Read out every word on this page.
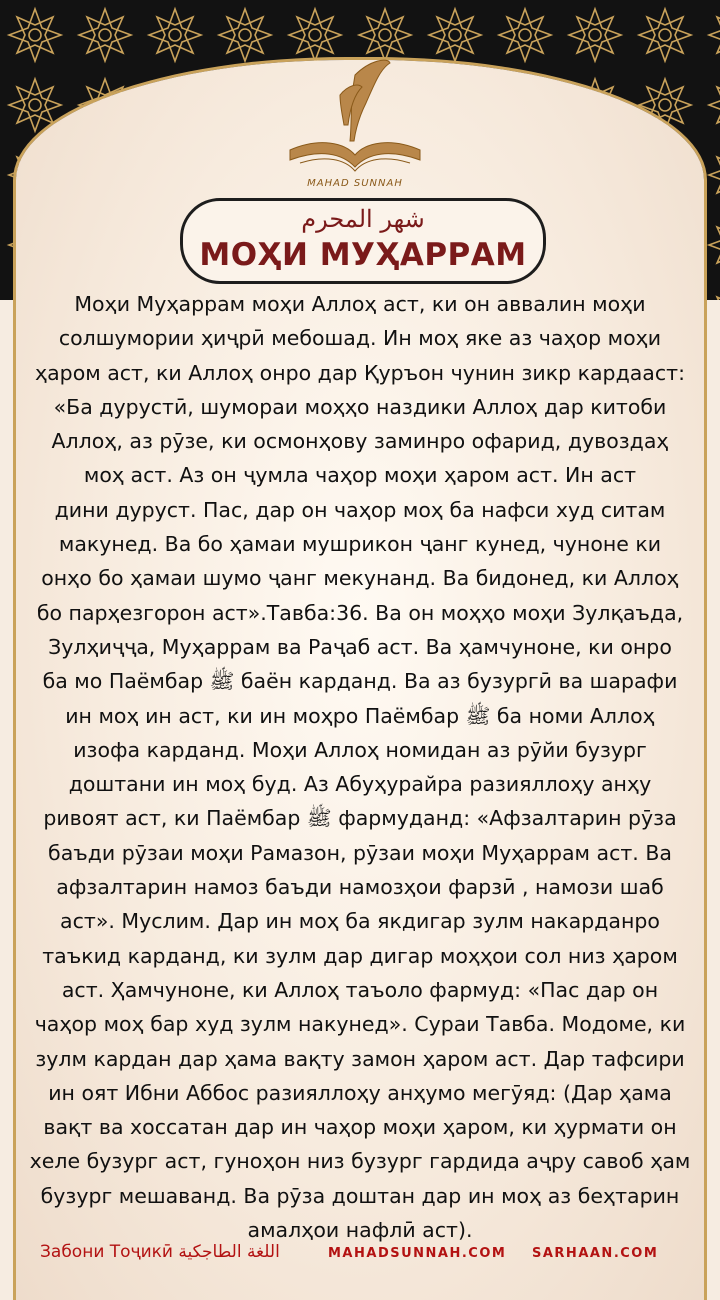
MAHAD SUNNAH
شهر المحرم
МОҲИ МУҲАРРАМ
Моҳи Муҳаррам моҳи Аллоҳ аст, ки он аввалин моҳи
солшумории ҳиҷрӣ мебошад. Ин моҳ яке аз чаҳор моҳи
ҳаром аст, ки Аллоҳ онро дар Қуръон чунин зикр кардааст:
«Ба дурустӣ, шумораи моҳҳо наздики Аллоҳ дар китоби
Аллоҳ, аз рӯзе, ки осмонҳову заминро офарид, дувоздаҳ
моҳ аст. Аз он ҷумла чаҳор моҳи ҳаром аст. Ин аст
дини дуруст. Пас, дар он чаҳор моҳ ба нафси худ ситам
макунед. Ва бо ҳамаи мушрикон ҷанг кунед, чуноне ки
онҳо бо ҳамаи шумо ҷанг мекунанд. Ва бидонед, ки Аллоҳ
бо парҳезгорон аст».Тавба:36. Ва он моҳҳо моҳи Зулқаъда,
Зулҳиҷҷа, Муҳаррам ва Раҷаб аст. Ва ҳамчуноне, ки онро
ба мо Паёмбар ﷺ баён карданд. Ва аз бузургӣ ва шарафи
ин моҳ ин аст, ки ин моҳро Паёмбар ﷺ ба номи Аллоҳ
изофа карданд. Моҳи Аллоҳ номидан аз рӯйи бузург
доштани ин моҳ буд. Аз Абуҳурайра разияллоҳу анҳу
ривоят аст, ки Паёмбар ﷺ фармуданд: «Афзалтарин рӯза
баъди рӯзаи моҳи Рамазон, рӯзаи моҳи Муҳаррам аст. Ва
афзалтарин намоз баъди намозҳои фарзӣ , намози шаб
аст». Муслим. Дар ин моҳ ба якдигар зулм накарданро
таъкид карданд, ки зулм дар дигар моҳҳои сол низ ҳаром
аст. Ҳамчуноне, ки Аллоҳ таъоло фармуд: «Пас дар он
чаҳор моҳ бар худ зулм накунед». Сураи Тавба. Модоме, ки
зулм кардан дар ҳама вақту замон ҳаром аст. Дар тафсири
ин оят Ибни Аббос разияллоҳу анҳумо мегӯяд: (Дар ҳама
вақт ва хоссатан дар ин чаҳор моҳи ҳаром, ки ҳурмати он
хеле бузург аст, гуноҳон низ бузург гардида аҷру савоб ҳам
бузург мешаванд. Ва рӯза доштан дар ин моҳ аз беҳтарин
амалҳои нафлӣ аст).
Забони Тоҷикӣ اللغة الطاجكية	MAHADSUNNAH.COM SARHAAN.COM
